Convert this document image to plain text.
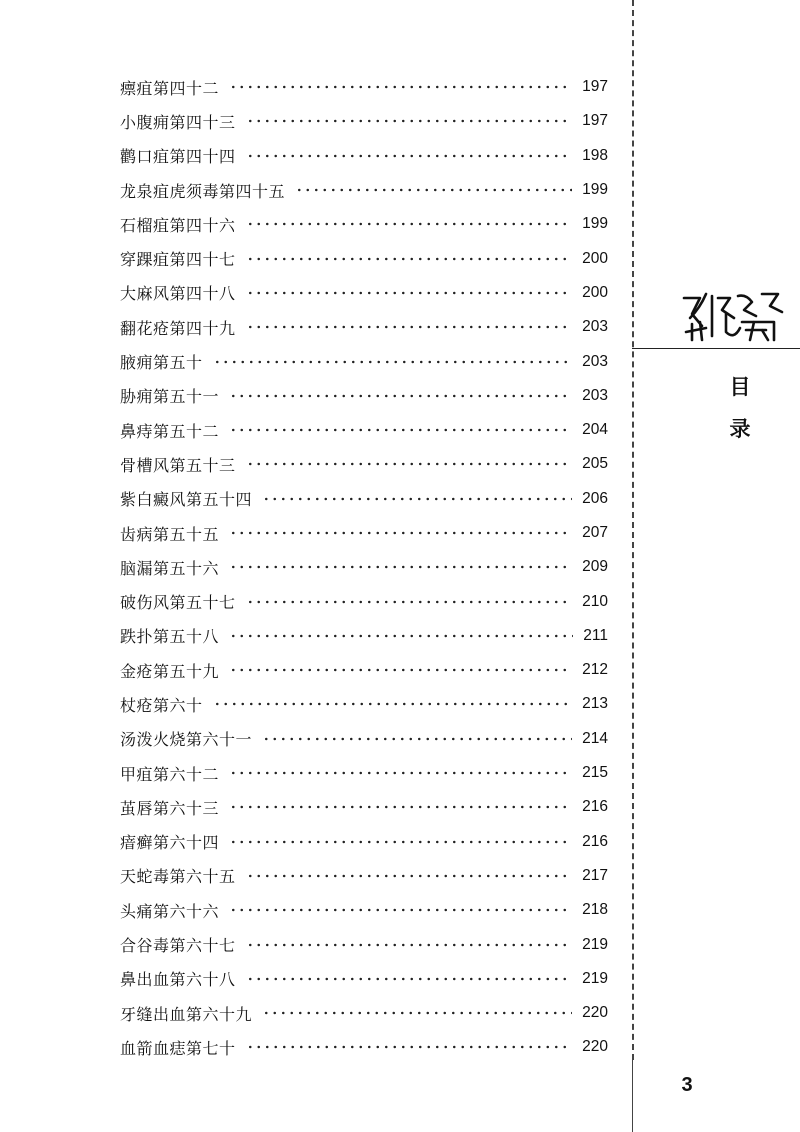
目
录
瘭疽第四十二	197
小腹痈第四十三	197
鹳口疽第四十四	198
龙泉疽虎须毒第四十五	199
石榴疽第四十六	199
穿踝疽第四十七	200
大麻风第四十八	200
翻花疮第四十九	203
腋痈第五十	203
胁痈第五十一	203
鼻痔第五十二	204
骨槽风第五十三	205
紫白癜风第五十四	206
齿病第五十五	207
脑漏第五十六	209
破伤风第五十七	210
跌扑第五十八	211
金疮第五十九	212
杖疮第六十	213
汤泼火烧第六十一	214
甲疽第六十二	215
茧唇第六十三	216
瘖癣第六十四	216
天蛇毒第六十五	217
头痛第六十六	218
合谷毒第六十七	219
鼻出血第六十八	219
牙缝出血第六十九	220
血箭血痣第七十	220
3
